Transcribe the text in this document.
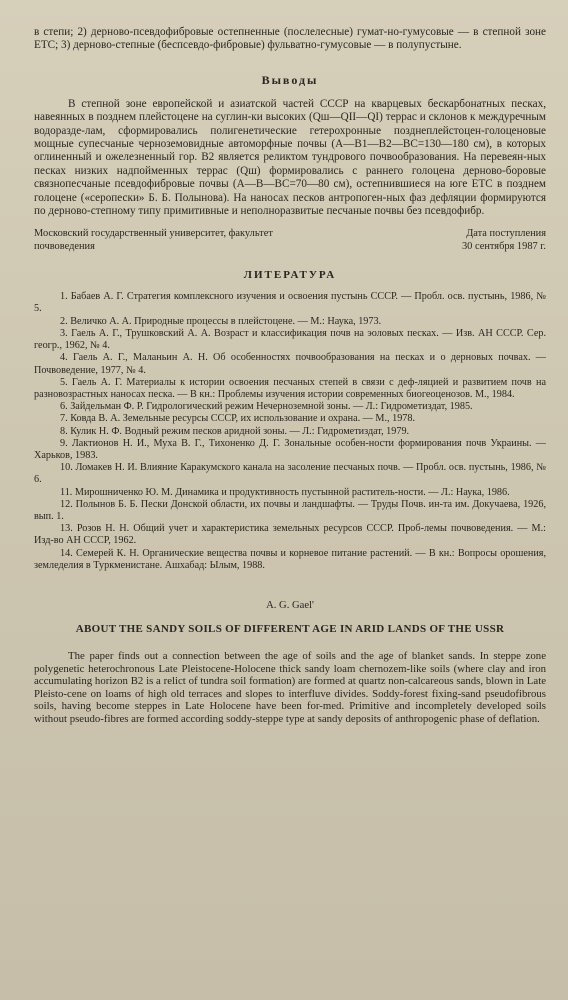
в степи; 2) дерново-псевдофибровые остепненные (послелесные) гумат-но-гумусовые — в степной зоне ЕТС; 3) дерново-степные (беспсевдо-фибровые) фульватно-гумусовые — в полупустыне.

Выводы

В степной зоне европейской и азиатской частей СССР на кварцевых бескарбонатных песках, навеянных в позднем плейстоцене на суглин-ки высоких (Qш—QII—QI) террас и склонов к междуречным водоразде-лам, сформировались полигенетические гетерохронные позднеплейстоцен-голоценовые мощные супесчаные черноземовидные автоморфные почвы (А—В1—В2—ВС=130—180 см), в которых оглиненный и ожелезненный гор. В2 является реликтом тундрового почвообразования. На перевеян-ных песках низких надпойменных террас (Qш) формировались с раннего голоцена дерново-боровые связнопесчаные псевдофибровые почвы (А—В—ВС=70—80 см), остепнившиеся на юге ЕТС в позднем голоцене («серопески» Б. Б. Полынова). На наносах песков антропоген-ных фаз дефляции формируются по дерново-степному типу примитивные и неполноразвитые песчаные почвы без псевдофибр.

Московский государственный университет, факультет почвоведения
Дата поступления
30 сентября 1987 г.
ЛИТЕРАТУРА

1. Бабаев А. Г. Стратегия комплексного изучения и освоения пустынь СССР. — Пробл. осв. пустынь, 1986, № 5.

2. Величко А. А. Природные процессы в плейстоцене. — М.: Наука, 1973.

3. Гаель А. Г., Трушковский А. А. Возраст и классификация почв на эоловых песках. — Изв. АН СССР. Сер. геогр., 1962, № 4.

4. Гаель А. Г., Маланьин А. Н. Об особенностях почвообразования на песках и о дерновых почвах. — Почвоведение, 1977, № 4.

5. Гаель А. Г. Материалы к истории освоения песчаных степей в связи с деф-ляцией и развитием почв на разновозрастных наносах песка. — В кн.: Проблемы изучения истории современных биогеоценозов. М., 1984.

6. Зайдельман Ф. Р. Гидрологический режим Нечерноземной зоны. — Л.: Гидрометиздат, 1985.

7. Ковда В. А. Земельные ресурсы СССР, их использование и охрана. — М., 1978.

8. Кулик Н. Ф. Водный режим песков аридной зоны. — Л.: Гидрометиздат, 1979.

9. Лактионов Н. И., Муха В. Г., Тихоненко Д. Г. Зональные особен-ности формирования почв Украины. — Харьков, 1983.

10. Ломакев Н. И. Влияние Каракумского канала на засоление песчаных почв. — Пробл. осв. пустынь, 1986, № 6.

11. Мирошниченко Ю. М. Динамика и продуктивность пустынной раститель-ности. — Л.: Наука, 1986.

12. Полынов Б. Б. Пески Донской области, их почвы и ландшафты. — Труды Почв. ин-та им. Докучаева, 1926, вып. 1.

13. Розов Н. Н. Общий учет и характеристика земельных ресурсов СССР. Проб-лемы почвоведения. — М.: Изд-во АН СССР, 1962.

14. Семерей К. Н. Органические вещества почвы и корневое питание растений. — В кн.: Вопросы орошения, земледелия в Туркменистане. Ашхабад: Ылым, 1988.

A. G. Gael'
ABOUT THE SANDY SOILS OF DIFFERENT AGE IN ARID LANDS OF THE USSR

The paper finds out a connection between the age of soils and the age of blanket sands. In steppe zone polygenetic heterochronous Late Pleistocene-Holocene thick sandy loam chernozem-like soils (where clay and iron accumulating horizon B2 is a relict of tundra soil formation) are formed at quartz non-calcareous sands, blown in Late Pleisto-cene on loams of high old terraces and slopes to interfluve divides. Soddy-forest fixing-sand pseudofibrous soils, having become steppes in Late Holocene have been for-med. Primitive and incompletely developed soils without pseudo-fibres are formed according soddy-steppe type at sandy deposits of anthropogenic phase of deflation.
